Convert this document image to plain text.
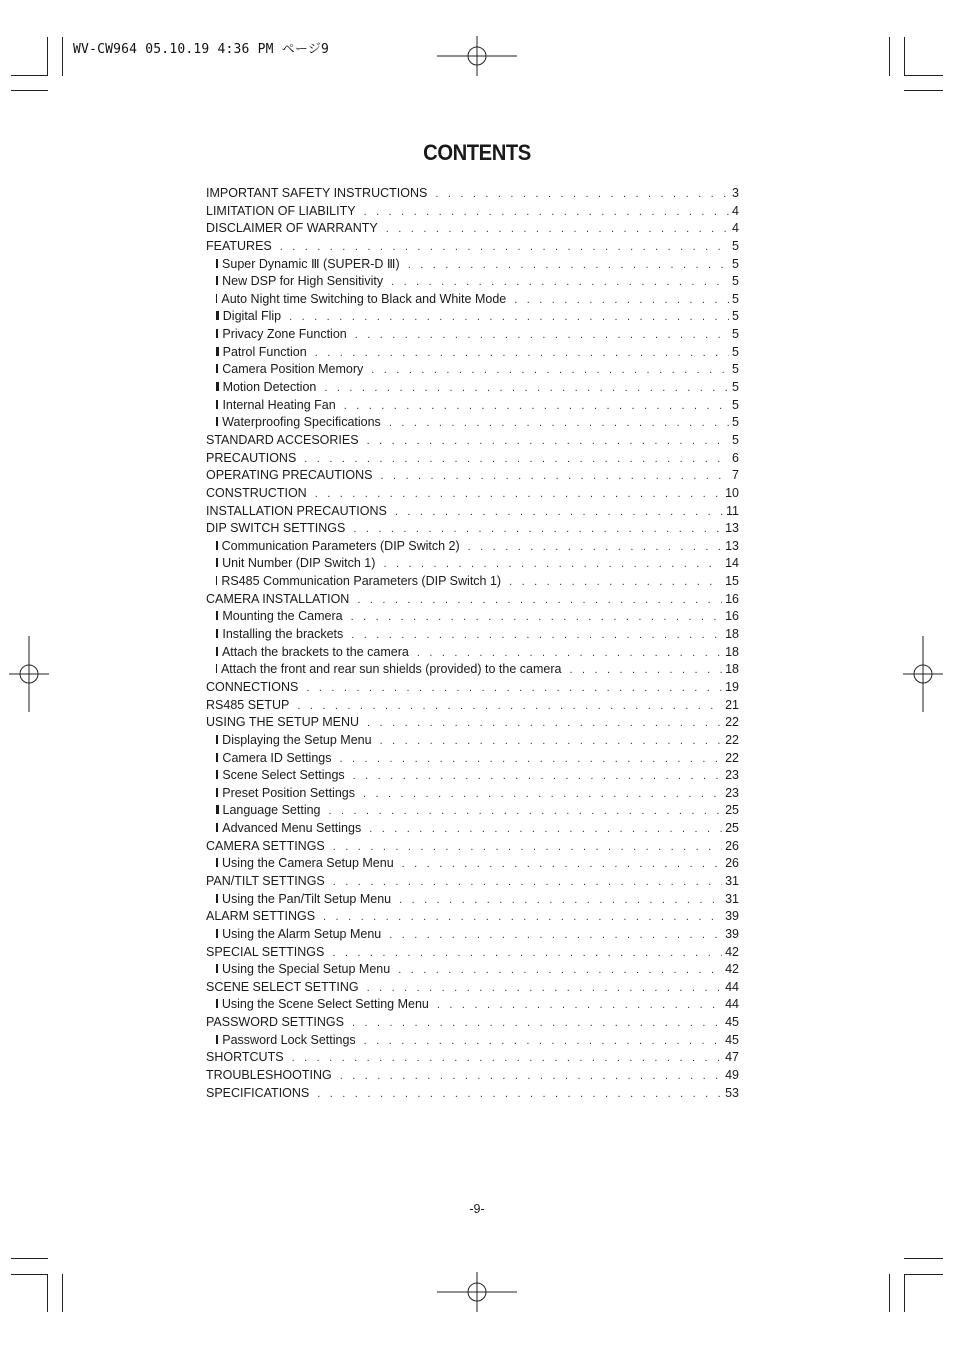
WV-CW964 05.10.19 4:36 PM ページ9
CONTENTS
IMPORTANT SAFETY INSTRUCTIONS . . .	3
LIMITATION OF LIABILITY . . .	4
DISCLAIMER OF WARRANTY . . .	4
FEATURES . . .	5
Super Dynamic Ⅲ (SUPER-D Ⅲ) . . .	5
New DSP for High Sensitivity . . .	5
Auto Night time Switching to Black and White Mode . . .	5
Digital Flip . . .	5
Privacy Zone Function . . .	5
Patrol Function . . .	5
Camera Position Memory . . .	5
Motion Detection . . .	5
Internal Heating Fan . . .	5
Waterproofing Specifications . . .	5
STANDARD ACCESORIES . . .	5
PRECAUTIONS . . .	6
OPERATING PRECAUTIONS . . .	7
CONSTRUCTION . . .	10
INSTALLATION PRECAUTIONS . . .	11
DIP SWITCH SETTINGS . . .	13
Communication Parameters (DIP Switch 2) . . .	13
Unit Number (DIP Switch 1) . . .	14
RS485 Communication Parameters (DIP Switch 1) . . .	15
CAMERA INSTALLATION . . .	16
Mounting the Camera . . .	16
Installing the brackets . . .	18
Attach the brackets to the camera . . .	18
Attach the front and rear sun shields (provided) to the camera . . .	18
CONNECTIONS . . .	19
RS485 SETUP . . .	21
USING THE SETUP MENU . . .	22
Displaying the Setup Menu . . .	22
Camera ID Settings . . .	22
Scene Select Settings . . .	23
Preset Position Settings . . .	23
Language Setting . . .	25
Advanced Menu Settings . . .	25
CAMERA SETTINGS . . .	26
Using the Camera Setup Menu . . .	26
PAN/TILT SETTINGS . . .	31
Using the Pan/Tilt Setup Menu . . .	31
ALARM SETTINGS . . .	39
Using the Alarm Setup Menu . . .	39
SPECIAL SETTINGS . . .	42
Using the Special Setup Menu . . .	42
SCENE SELECT SETTING . . .	44
Using the Scene Select Setting Menu . . .	44
PASSWORD SETTINGS . . .	45
Password Lock Settings . . .	45
SHORTCUTS . . .	47
TROUBLESHOOTING . . .	49
SPECIFICATIONS . . .	53
-9-
